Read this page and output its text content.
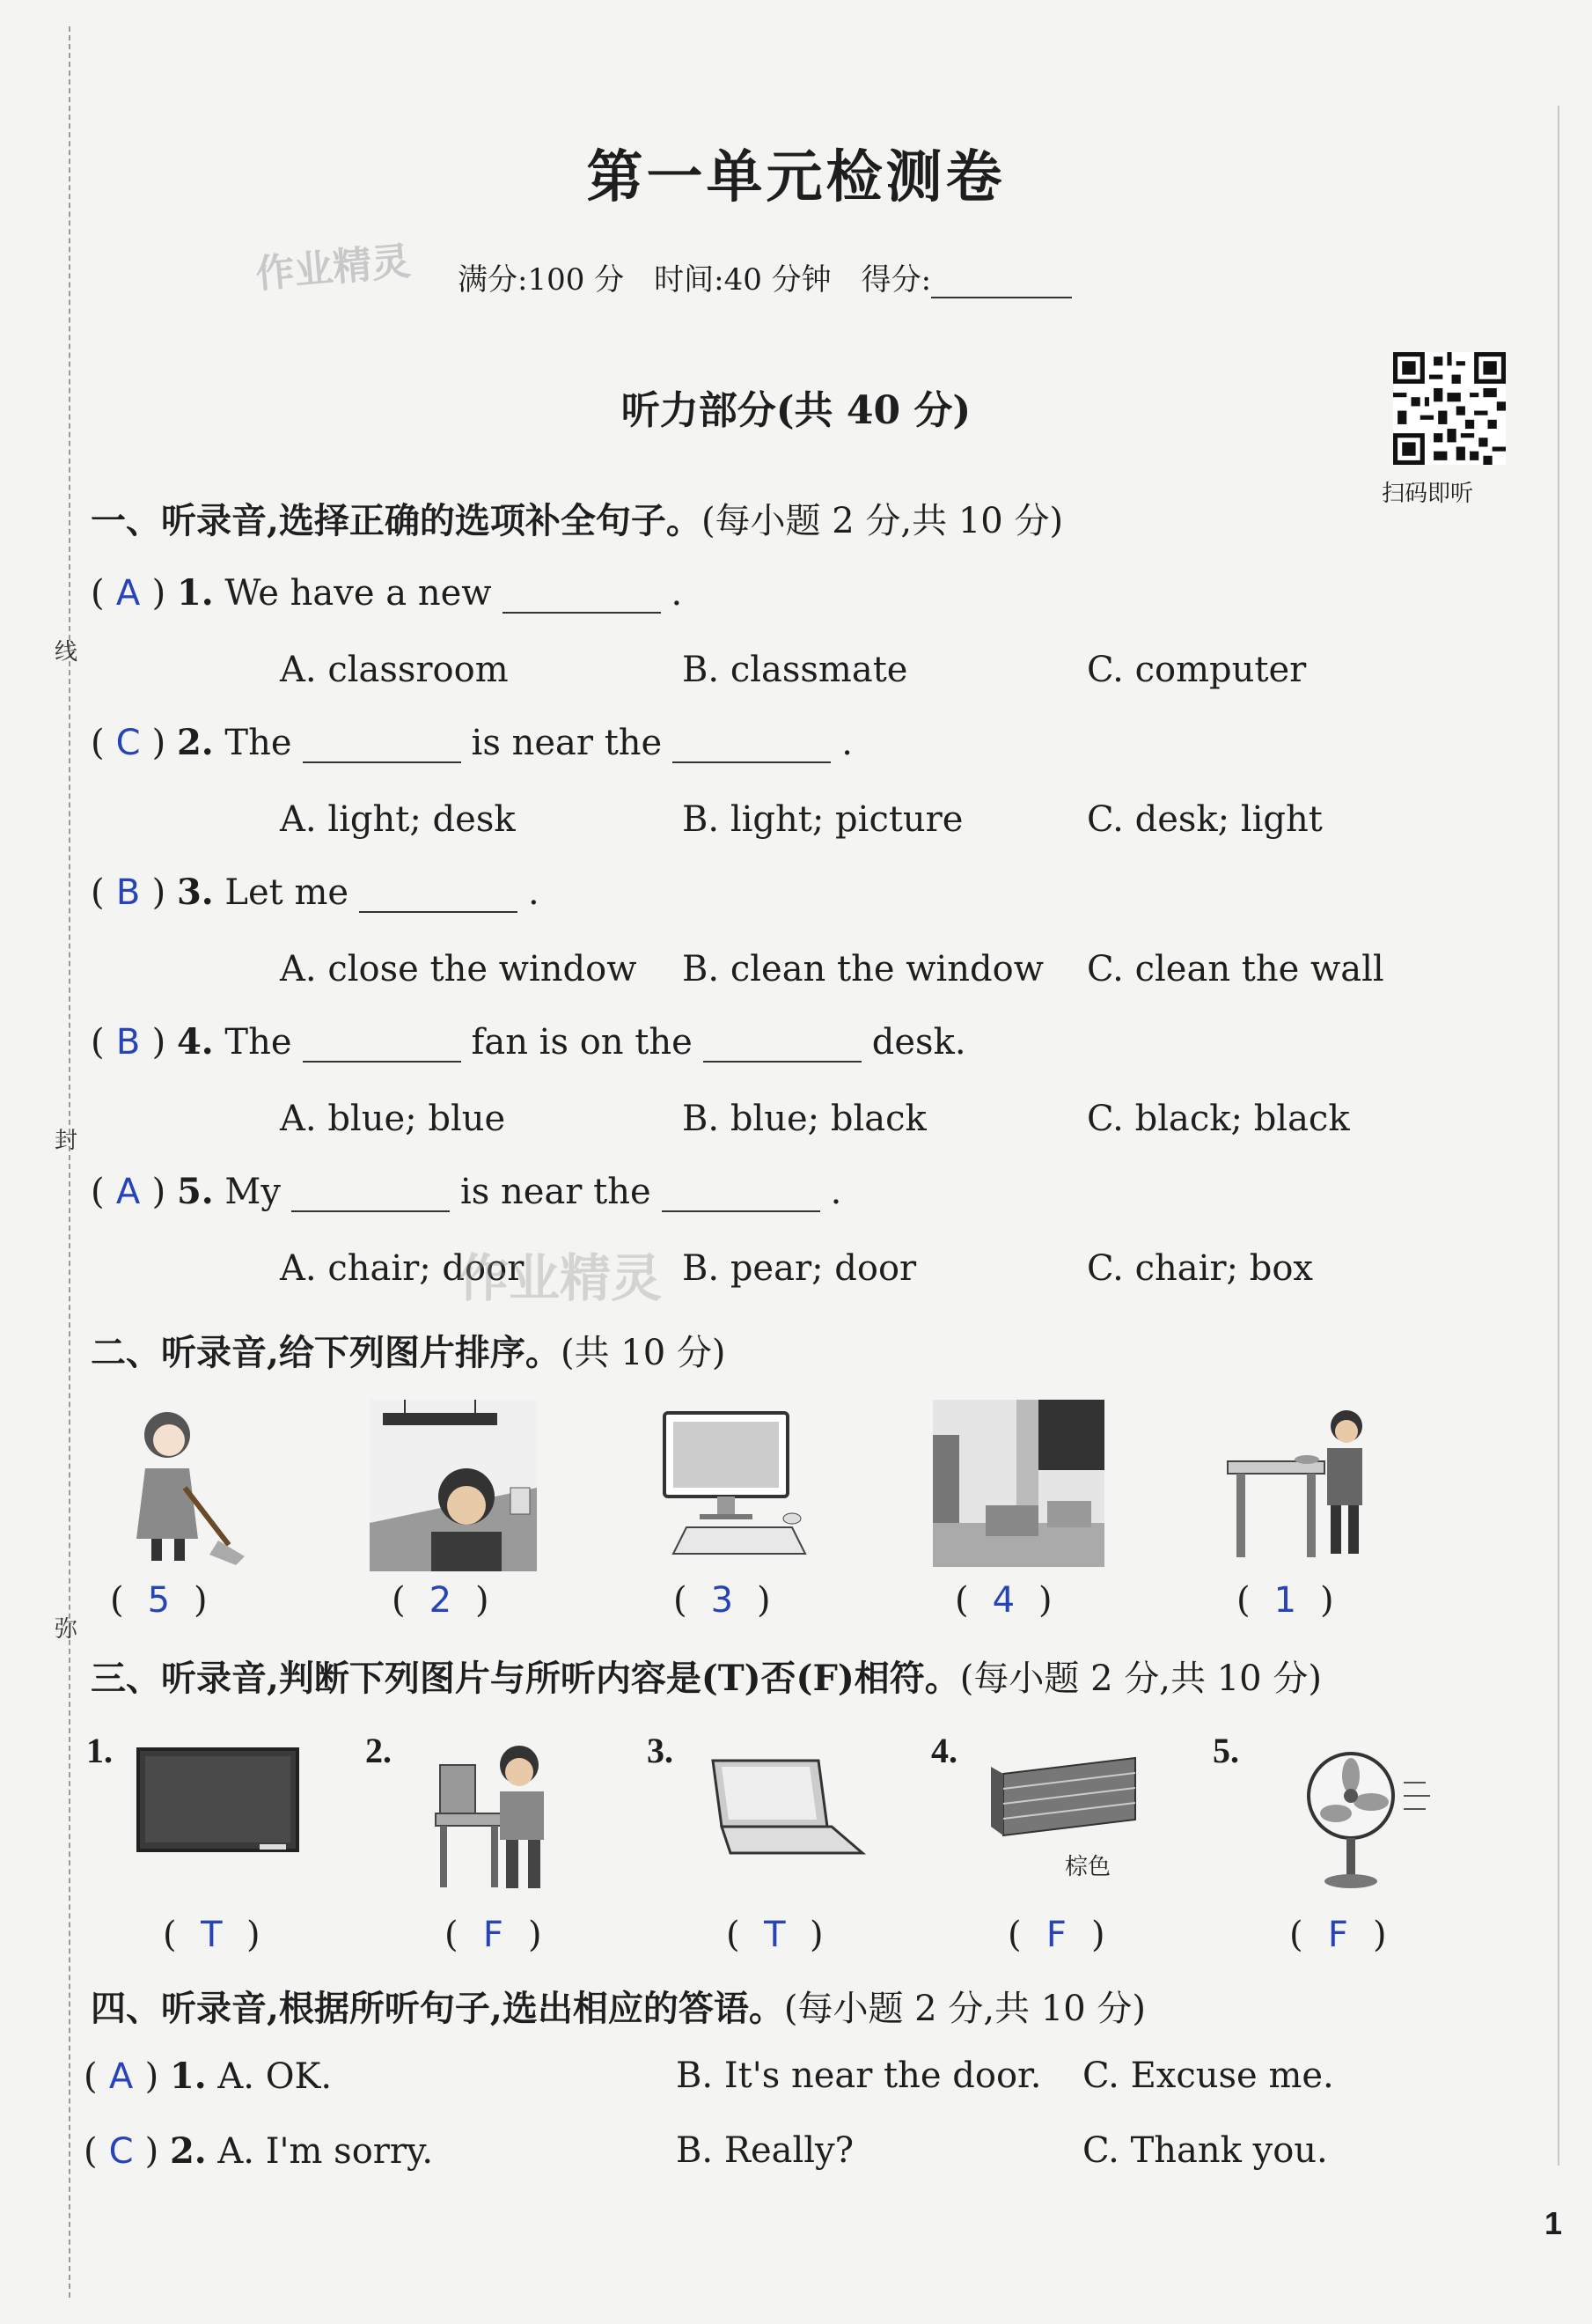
线
封
弥
第一单元检测卷
作业精灵 满分:100 分　时间:40 分钟　得分:
听力部分(共 40 分)
扫码即听
一、听录音,选择正确的选项补全句子。(每小题 2 分,共 10 分)
( A ) 1. We have a new	.
A. classroom	B. classmate	C. computer
( C ) 2. The	is near the	.
A. light; desk	B. light; picture	C. desk; light
( B ) 3. Let me	.
A. close the window B. clean the window C. clean the wall
( B ) 4. The	fan is on the	desk.
A. blue; blue	B. blue; black	C. black; black
( A ) 5. My	is near the	.
A. chair; door	B. pear; door	C. chair; box
作业精灵
二、听录音,给下列图片排序。(共 10 分)
( 5 )	( 2 )	( 3 )	( 4 )	( 1 )
三、听录音,判断下列图片与所听内容是(T)否(F)相符。(每小题 2 分,共 10 分)
1.	2.	3.	4.	5.
棕色
( T )	( F )	( T )	( F )	( F )
四、听录音,根据所听句子,选出相应的答语。(每小题 2 分,共 10 分)
( A ) 1. A. OK.	B. It's near the door. C. Excuse me.
( C ) 2. A. I'm sorry.	B. Really?	C. Thank you.
1
